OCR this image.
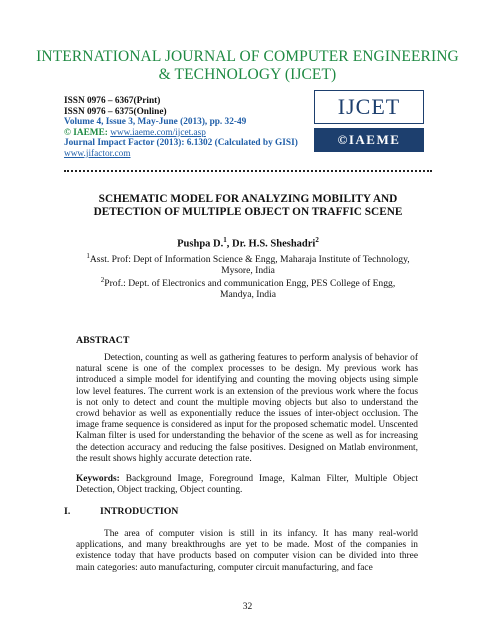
INTERNATIONAL JOURNAL OF COMPUTER ENGINEERING
& TECHNOLOGY (IJCET)
ISSN 0976 – 6367(Print)
ISSN 0976 – 6375(Online)
Volume 4, Issue 3, May-June (2013), pp. 32-49
© IAEME: www.iaeme.com/ijcet.asp
Journal Impact Factor (2013): 6.1302 (Calculated by GISI)
www.jifactor.com
IJCET
©IAEME
SCHEMATIC MODEL FOR ANALYZING MOBILITY AND
DETECTION OF MULTIPLE OBJECT ON TRAFFIC SCENE
Pushpa D.$^1$, Dr. H.S. Sheshadri$^2$
$^1$Asst. Prof: Dept of Information Science & Engg, Maharaja Institute of Technology,
Mysore, India
$^2$Prof.: Dept. of Electronics and communication Engg, PES College of Engg,
Mandya, India
ABSTRACT
Detection, counting as well as gathering features to perform analysis of behavior of natural scene is one of the complex processes to be design. My previous work has introduced a simple model for identifying and counting the moving objects using simple low level features. The current work is an extension of the previous work where the focus is not only to detect and count the multiple moving objects but also to understand the crowd behavior as well as exponentially reduce the issues of inter-object occlusion. The image frame sequence is considered as input for the proposed schematic model. Unscented Kalman filter is used for understanding the behavior of the scene as well as for increasing the detection accuracy and reducing the false positives. Designed on Matlab environment, the result shows highly accurate detection rate.
Keywords: Background Image, Foreground Image, Kalman Filter, Multiple Object Detection, Object tracking, Object counting.
I.	INTRODUCTION
The area of computer vision is still in its infancy. It has many real-world applications, and many breakthroughs are yet to be made. Most of the companies in existence today that have products based on computer vision can be divided into three main categories: auto manufacturing, computer circuit manufacturing, and face
32
